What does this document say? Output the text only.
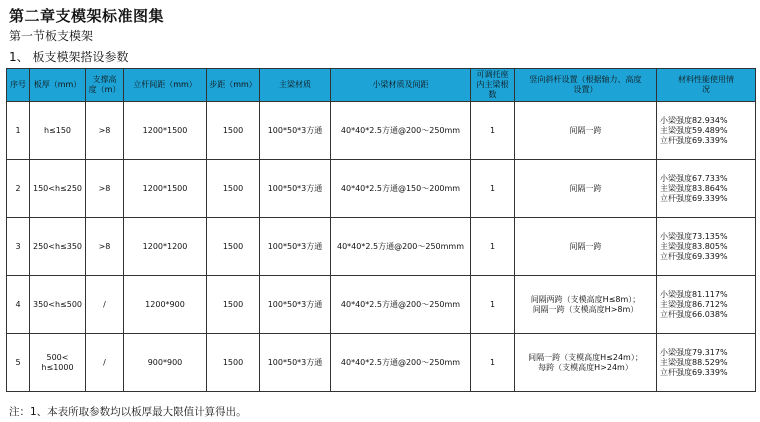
第二章支模架标准图集
第一节板支模架
1、 板支模架搭设参数
序号	板厚（mm）	支撑高
度（m）	立杆间距（mm）	步距（mm）	主梁材质	小梁材质及间距	可调托座
内主梁根
数	竖向斜杆设置（根据轴力、高度
设置）	材料性能使用情
况
1	h≤150	>8	1200*1500	1500	100*50*3方通	40*40*2.5方通@200～250mm	1	间隔一跨	小梁强度82.934%
主梁强度59.489%
立杆强度69.339%
2	150<h≤250	>8	1200*1500	1500	100*50*3方通	40*40*2.5方通@150～200mm	1	间隔一跨	小梁强度67.733%
主梁强度83.864%
立杆强度69.339%
3	250<h≤350	>8	1200*1200	1500	100*50*3方通	40*40*2.5方通@200～250mmm	1	间隔一跨	小梁强度73.135%
主梁强度83.805%
立杆强度69.339%
4	350<h≤500	/	1200*900	1500	100*50*3方通	40*40*2.5方通@200～250mm	1	间隔两跨（支模高度H≤8m）；
间隔一跨（支模高度H>8m）	小梁强度81.117%
主梁强度86.712%
立杆强度66.038%
5	500<
h≤1000	/	900*900	1500	100*50*3方通	40*40*2.5方通@200～250mm	1	间隔一跨（支模高度H≤24m）；
每跨（支模高度H>24m）	小梁强度79.317%
主梁强度88.529%
立杆强度69.339%
注：1、本表所取参数均以板厚最大限值计算得出。
